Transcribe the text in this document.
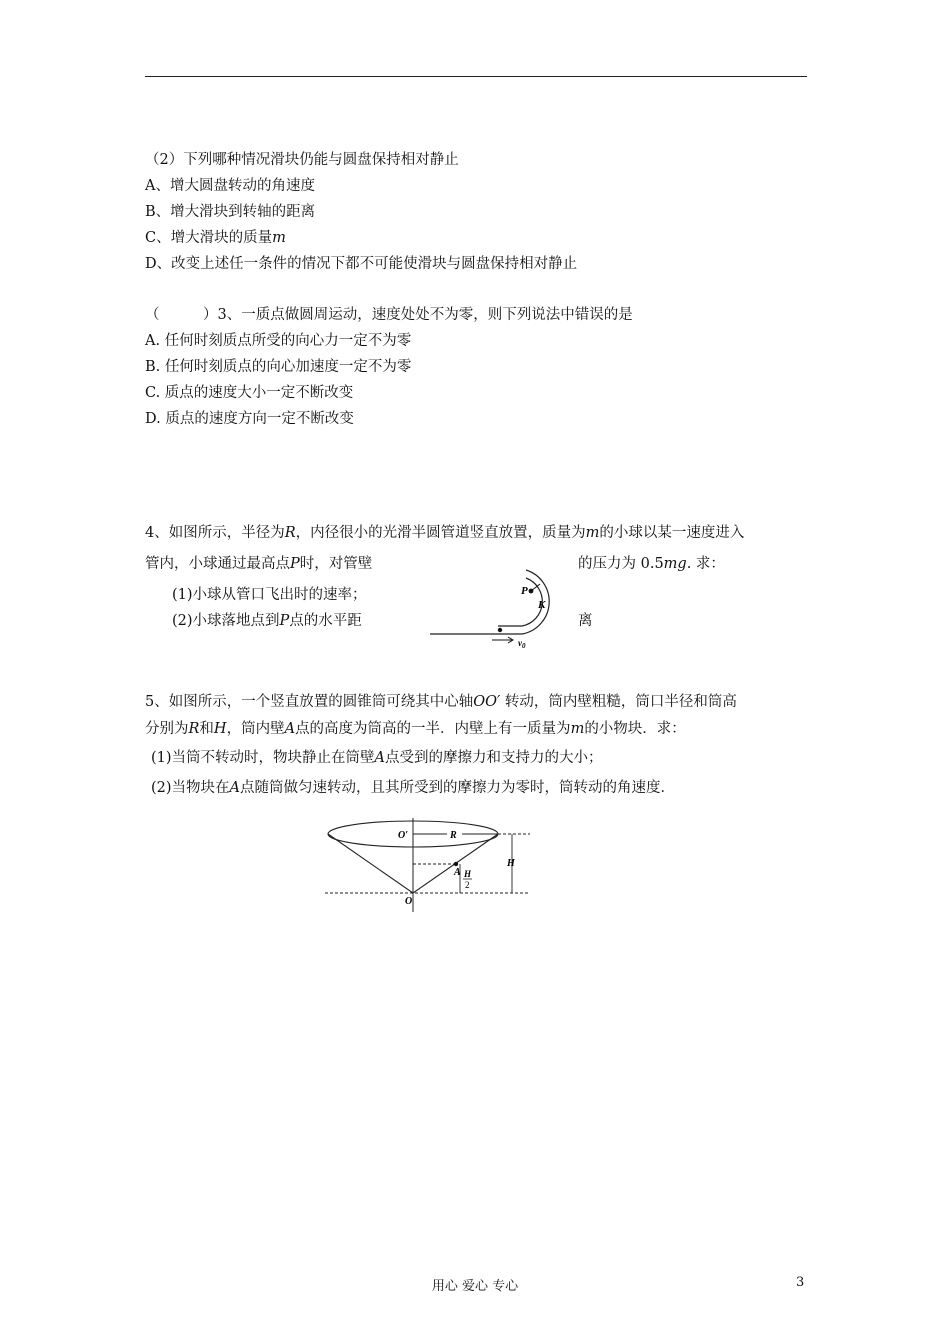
（2）下列哪种情况滑块仍能与圆盘保持相对静止
A、增大圆盘转动的角速度
B、增大滑块到转轴的距离
C、增大滑块的质量m
D、改变上述任一条件的情况下都不可能使滑块与圆盘保持相对静止
（　　　）3、一质点做圆周运动，速度处处不为零，则下列说法中错误的是
A. 任何时刻质点所受的向心力一定不为零
B. 任何时刻质点的向心加速度一定不为零
C. 质点的速度大小一定不断改变
D. 质点的速度方向一定不断改变
4、如图所示，半径为R，内径很小的光滑半圆管道竖直放置，质量为m的小球以某一速度进入
管内，小球通过最高点P时，对管壁	的压力为 0.5mg. 求：
(1)小球从管口飞出时的速率；
(2)小球落地点到P点的水平距	离
P
K
$v_0$
5、如图所示，一个竖直放置的圆锥筒可绕其中心轴OO′ 转动，筒内壁粗糙，筒口半径和筒高
分别为R和H，筒内壁A点的高度为筒高的一半．内壁上有一质量为m的小物块．求：
(1)当筒不转动时，物块静止在筒壁A点受到的摩擦力和支持力的大小；
(2)当物块在A点随筒做匀速转动，且其所受到的摩擦力为零时，筒转动的角速度．
O′	R
H
A H
2
O
用心 爱心 专心	3
